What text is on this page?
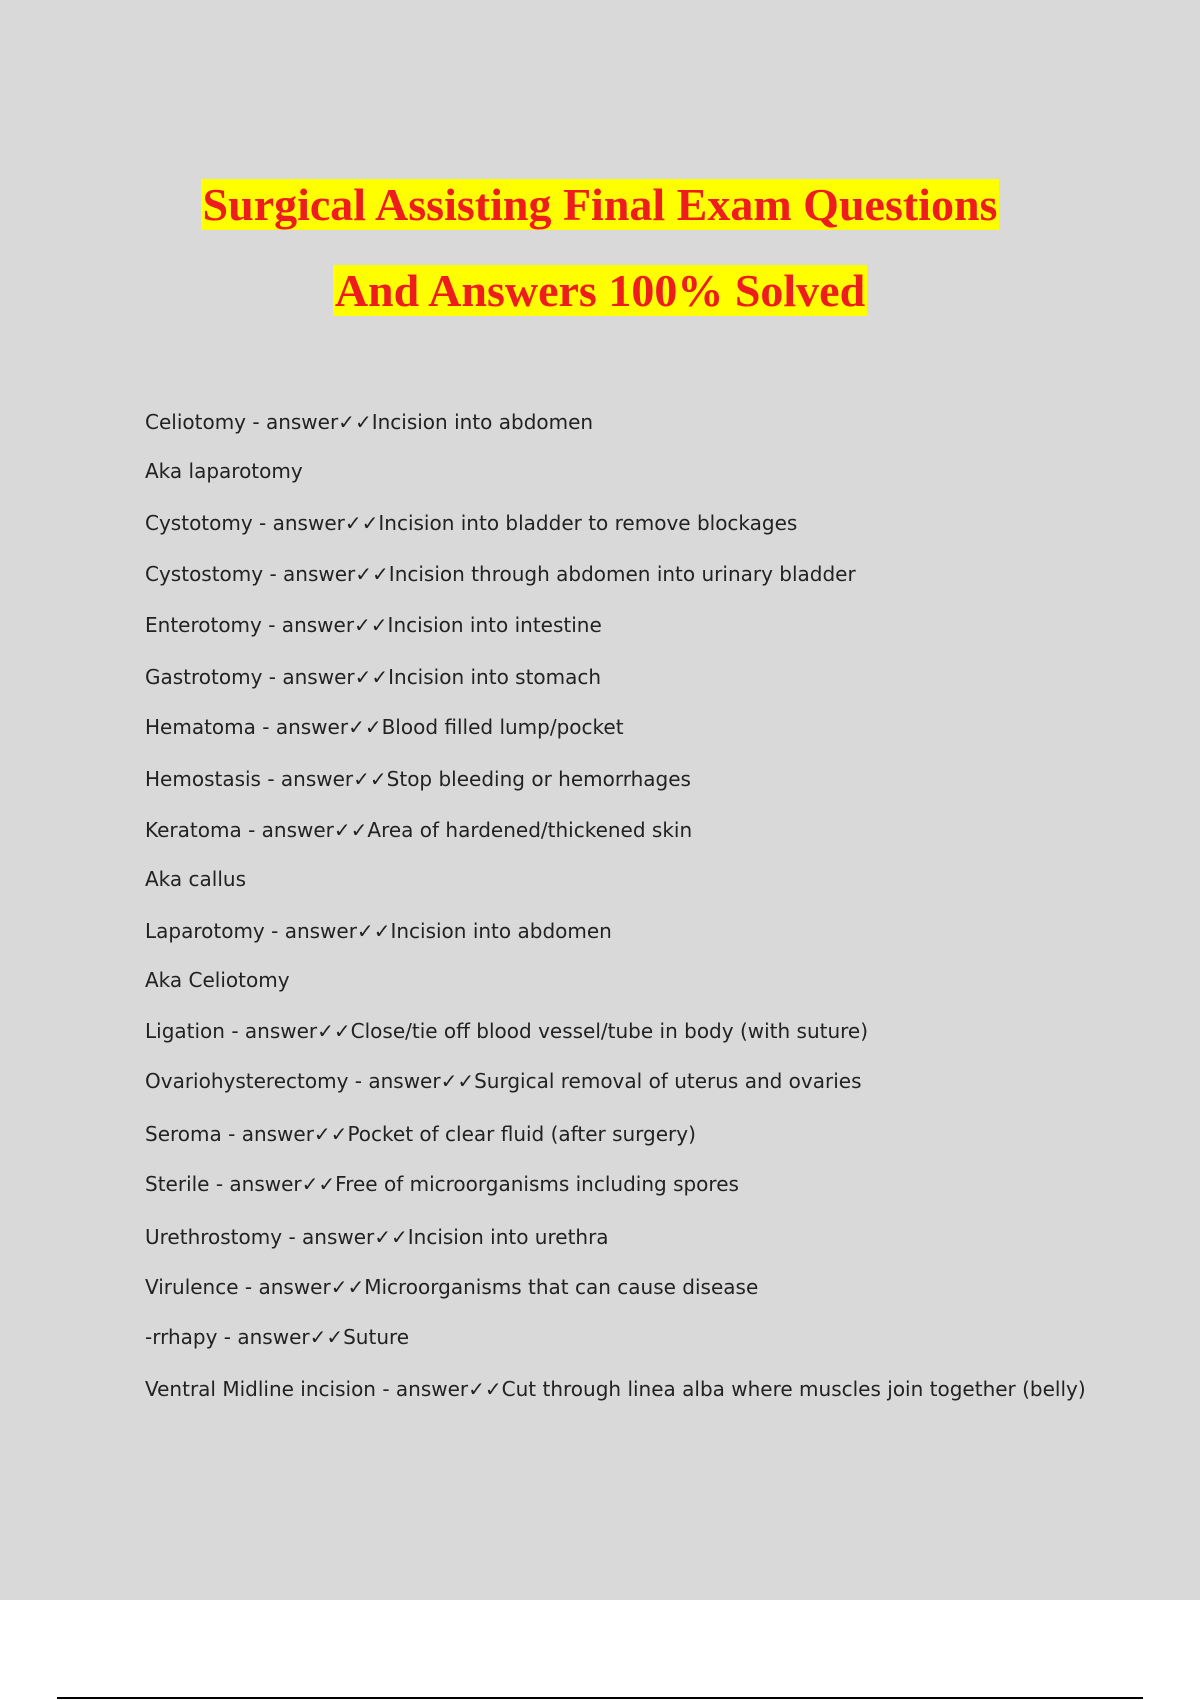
Surgical Assisting Final Exam Questions
And Answers 100% Solved
Celiotomy - answer✓✓Incision into abdomen
Aka laparotomy
Cystotomy - answer✓✓Incision into bladder to remove blockages
Cystostomy - answer✓✓Incision through abdomen into urinary bladder
Enterotomy - answer✓✓Incision into intestine
Gastrotomy - answer✓✓Incision into stomach
Hematoma - answer✓✓Blood filled lump/pocket
Hemostasis - answer✓✓Stop bleeding or hemorrhages
Keratoma - answer✓✓Area of hardened/thickened skin
Aka callus
Laparotomy - answer✓✓Incision into abdomen
Aka Celiotomy
Ligation - answer✓✓Close/tie off blood vessel/tube in body (with suture)
Ovariohysterectomy - answer✓✓Surgical removal of uterus and ovaries
Seroma - answer✓✓Pocket of clear fluid (after surgery)
Sterile - answer✓✓Free of microorganisms including spores
Urethrostomy - answer✓✓Incision into urethra
Virulence - answer✓✓Microorganisms that can cause disease
-rrhapy - answer✓✓Suture
Ventral Midline incision - answer✓✓Cut through linea alba where muscles join together (belly)
